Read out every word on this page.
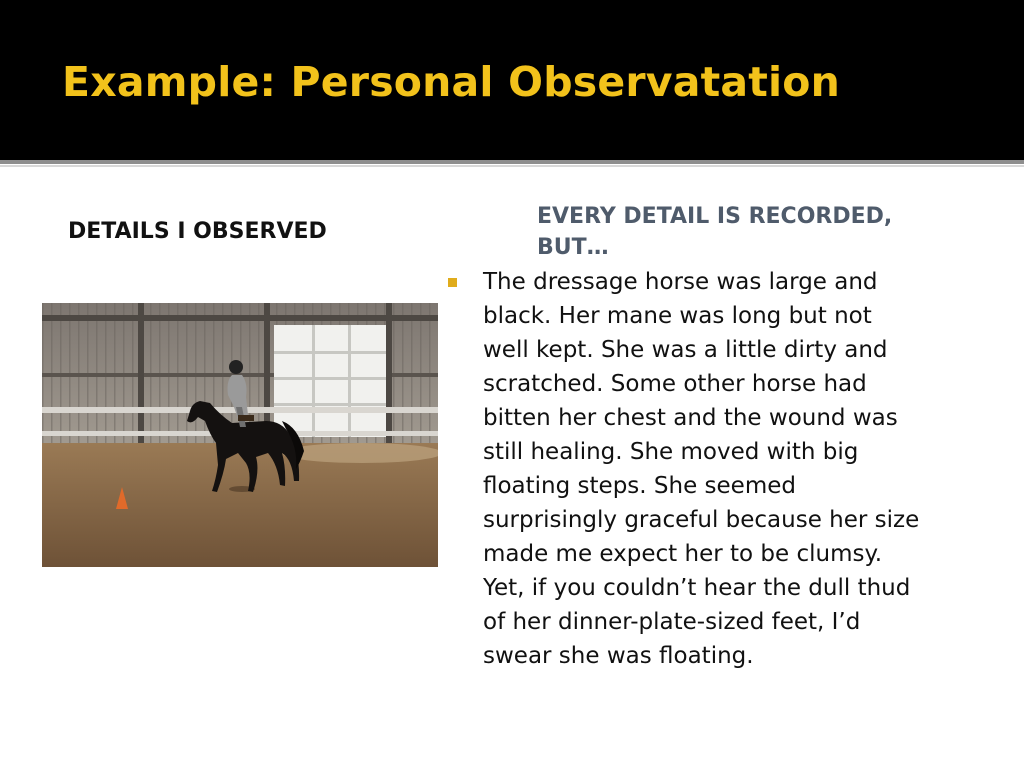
Example: Personal Observatation
DETAILS I OBSERVED
EVERY DETAIL IS RECORDED,
BUT…
The dressage horse was large and
black. Her mane was long but not
well kept. She was a little dirty and
scratched. Some other horse had
bitten her chest and the wound was
still healing. She moved with big
floating steps. She seemed
surprisingly graceful because her size
made me expect her to be clumsy.
Yet, if you couldn’t hear the dull thud
of her dinner-plate-sized feet, I’d
swear she was floating.
